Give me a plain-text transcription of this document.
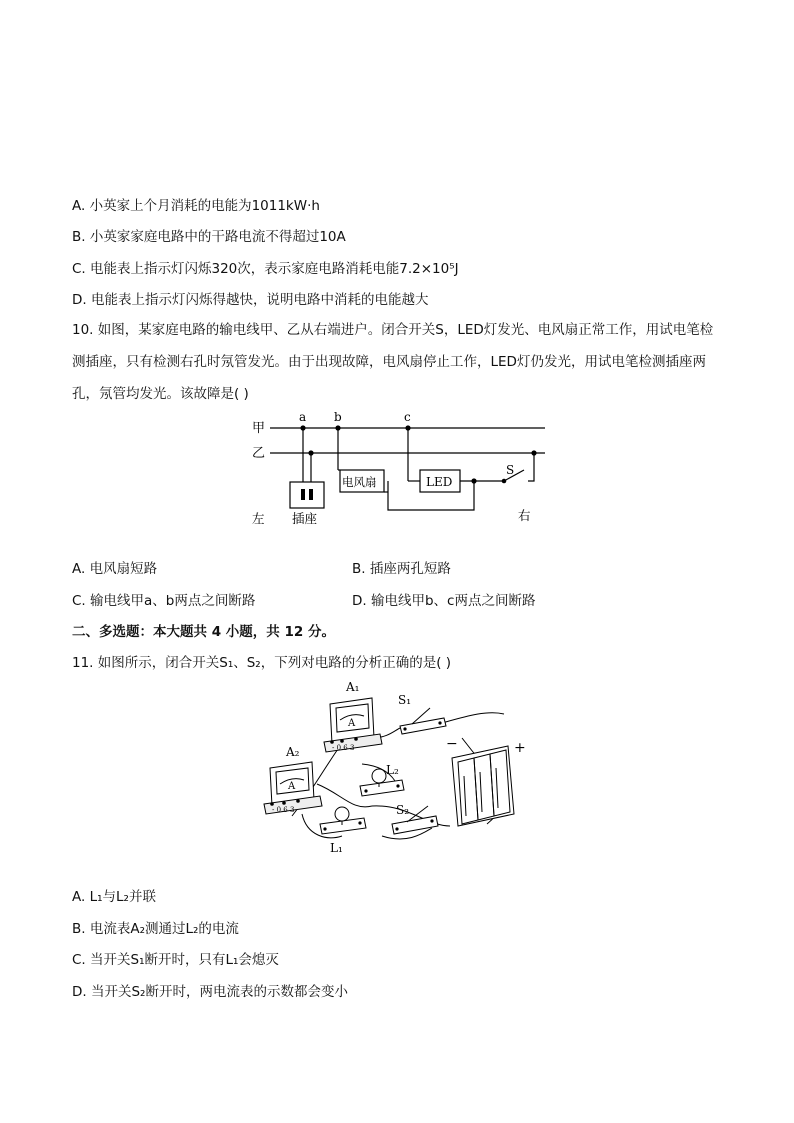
A. 小英家上个月消耗的电能为1011kW·h
B. 小英家家庭电路中的干路电流不得超过10A
C. 电能表上指示灯闪烁320次，表示家庭电路消耗电能7.2×10⁵J
D. 电能表上指示灯闪烁得越快，说明电路中消耗的电能越大
10. 如图，某家庭电路的输电线甲、乙从右端进户。闭合开关S，LED灯发光、电风扇正常工作，用试电笔检测插座，只有检测右孔时氖管发光。由于出现故障，电风扇停止工作，LED灯仍发光，用试电笔检测插座两孔，氖管均发光。该故障是( )
甲
乙
a b	c
电风扇	LED
S
插座
左	右
A. 电风扇短路	B. 插座两孔短路
C. 输电线甲a、b两点之间断路	D. 输电线甲b、c两点之间断路
二、多选题：本大题共 4 小题，共 12 分。
11. 如图所示，闭合开关S₁、S₂，下列对电路的分析正确的是( )
A₁
A₂
S₁
S₂
L₂
L₁
A
A
- 0.6 3
- 0.6 3
−	+
A. L₁与L₂并联
B. 电流表A₂测通过L₂的电流
C. 当开关S₁断开时，只有L₁会熄灭
D. 当开关S₂断开时，两电流表的示数都会变小
